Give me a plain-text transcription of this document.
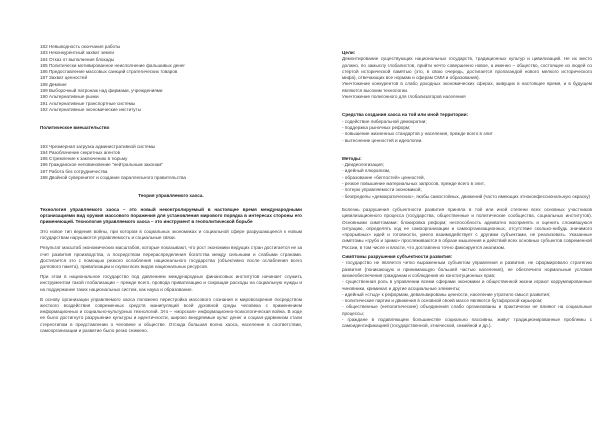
182 Невыводность окончания работы
183 Неконкурентный захват земли
184 Отказ от выполнения блокады
185 Политически мотивированное неисполнение фальшивых денег
186 Предоставление массовых санкций стратегических товаров
187 Захват ценностей
188 Демпинг
189 Выборочный патронаж над фирмами, учреждениями
190 Альтернативные рынки
191 Альтернативные транспортные системы
192 Альтернативные экономические институты
Политическое вмешательство
193 Чрезмерная загрузка административной системы
194 Разоблачение секретных агентов
195 Стремление к заключению в тюрьму
196 Гражданское неповиновение "нейтральным законам"
197 Работа без сотрудничества
198 Двойной суверенитет и создание параллельного правительства
Теория управляемого хаоса.

Технология управляемого хаоса – это новый неконтролируемый в настоящее время международными организациями вид оружия массового поражения для установления мирового порядка в интересах стороны его применяющей. Технология управляемого хаоса – это инструмент в геополитической борьбе

Это новое тип ведения войны, при котором в социальных экономиках и социальной сфере разрушающееся к новым государствам нарушаются управляемость и социальные связи.

Результат масштаб экономических масштабов, которые показывают, что рост экономики ведущих стран достигается не за счет развития производства, а посредством перераспределения богатства между сильными и слабыми странами. Достигается это с помощью резкого ослабления национального государства (объективно после ослабления всего долгового пакета), приватизации и скупки всех видов национальных ресурсов.

При этом в национальное государство под давлением международных финансовых институтов начинает служить инструментом такой глобализации – прежде всего, провода приватизацию и сокращая расходы на социальную нужды и на поддержание таких национальных систем, как наука и образование.

В основу организации управляемого хаоса положено перестройка массового сознания и мировоззрения посредством жесткого воздействия современных средств манипуляций всей духовной среды человека с применением информационных и социально-культурных технологий. Это – «морская» информационно-психологическая война. В ходе ее было достигнуто разрушение культуры и идентичности, широко внедряемые культ денег и социал-дарвинизм стали стереотипом в представлении о человеке и обществе. Отсюда большая волна хаоса, население в соответствии, самоорганизации и развитие было резко снижено.

Цели:

Демонтирование существующих национальных государств, традиционных культур и цивилизаций. Не их место должно, по замыслу глобалистов, прийти нечто совершенно новое, а именно – общество, состоящее из людей со стертой исторической памятью (это, в свою очередь, достигается пропагандой нового мелкого исторического мифа), отвечающих все нормам и сферам СМИ и образования).

Уничтожение конкурентов в слабо доходных экономических сферах, живущих в настоящее время, и в будущем являются высоким технологии.

Уничтожение полигонного для глобализаторов населения

Средства создания хаоса на той или иной территории:
- содействие либеральной демократии;
- поддержка рыночных реформ;
- повышение жизненных стандартов у населения, прежде всего в элит
- вытеснение ценностей и идеологии.
Методы:
- Деидеологизация;
- идейный плюрализм,
- образование «беглостей» ценностей,
- резкое повышение материальных запросов, прежде всего в элит,
- потерю управляемости экономикой,
- безпределы «демократических», якобы самостойных, движений (часто имеющих этноконфессиональную окраску)

Болезнь разрушения субъектности развития приняла в той или иной степени всех основных участников цивилизационного процесса (государства, общественные и политические сообщества, социальных институтов). Основными симптомами: блокировка реформ; неспособность адекватно воспринять и оценить сложившуюся ситуацию, определять ход ее самоорганизации и самоорганизационных, отсутствие сколько-нибудь значимого «прорывных» идей и готовности, умело взаимодействует с другими субъектами, не реализовать. Указанные симптомы «грубо и зримо» прослеживаются в образе мышления и действий всех основных субъектов современной России, в том числе и власти, что доставлено точно фиксируется анализом.

Симптомы разрушения субъектности развития:
- государство не является четко выраженным субъектом управления и развития, не сформировало стратегию развития (поникающую и принимающую большей частью населения), не обеспечило нормальные условия жизнеобеспечения гражданам и соблюдения их конституционных прав;
- существенная роль в управлении всеми сферами экономики и общественной жизни играют коррумпированные чиновники, криминал и другие асоциальные элементы;
- идейный «стыд» к реформам, девальвированы ценности, население утратило смысл развития;
- политические партии и движения в основной своей массе являются бутафорской карьером;
- общественные (неполитические) объединения слабо организованы и практически не влияют на социальные процессы;
- граждане в подавляющем большинстве социально пассивны, живут традиционированные проблемы с самоидентификацией (государственной, этнической, семейной и др.).
